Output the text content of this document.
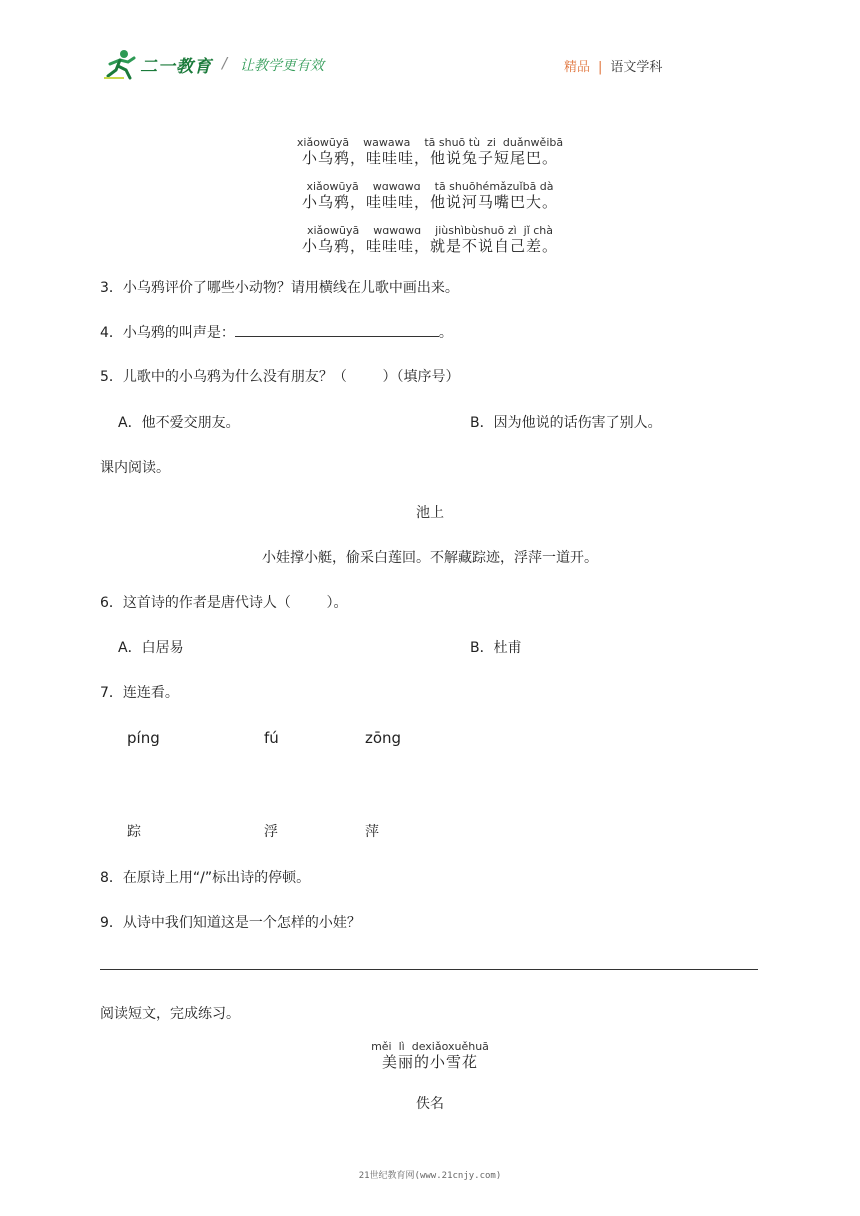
二一教育 / 让教学更有效	精品 | 语文学科
xiǎowūyā    wawawa    tā shuō tù  zi  duǎnwěibā
小乌鸦，哇哇哇，他说兔子短尾巴。
xiǎowūyā    wɑwɑwɑ    tā shuōhémǎzuǐbā dà
小乌鸦，哇哇哇，他说河马嘴巴大。
xiǎowūyā    wɑwɑwɑ    jiùshìbùshuō zì  jǐ chà
小乌鸦，哇哇哇，就是不说自己差。
3．小乌鸦评价了哪些小动物？请用横线在儿歌中画出来。
4．小乌鸦的叫声是：	。
5．儿歌中的小乌鸦为什么没有朋友？（        ）（填序号）
A．他不爱交朋友。	B．因为他说的话伤害了别人。
课内阅读。
池上
小娃撑小艇，偷采白莲回。不解藏踪迹，浮萍一道开。
6．这首诗的作者是唐代诗人（        ）。
A．白居易	B．杜甫
7．连连看。
píng	fú	zōng
踪	浮	萍
8．在原诗上用“/”标出诗的停顿。
9．从诗中我们知道这是一个怎样的小娃？
阅读短文，完成练习。
měi  lì  dexiǎoxuěhuā
美丽的小雪花
佚名
21世纪教育网(www.21cnjy.com)
